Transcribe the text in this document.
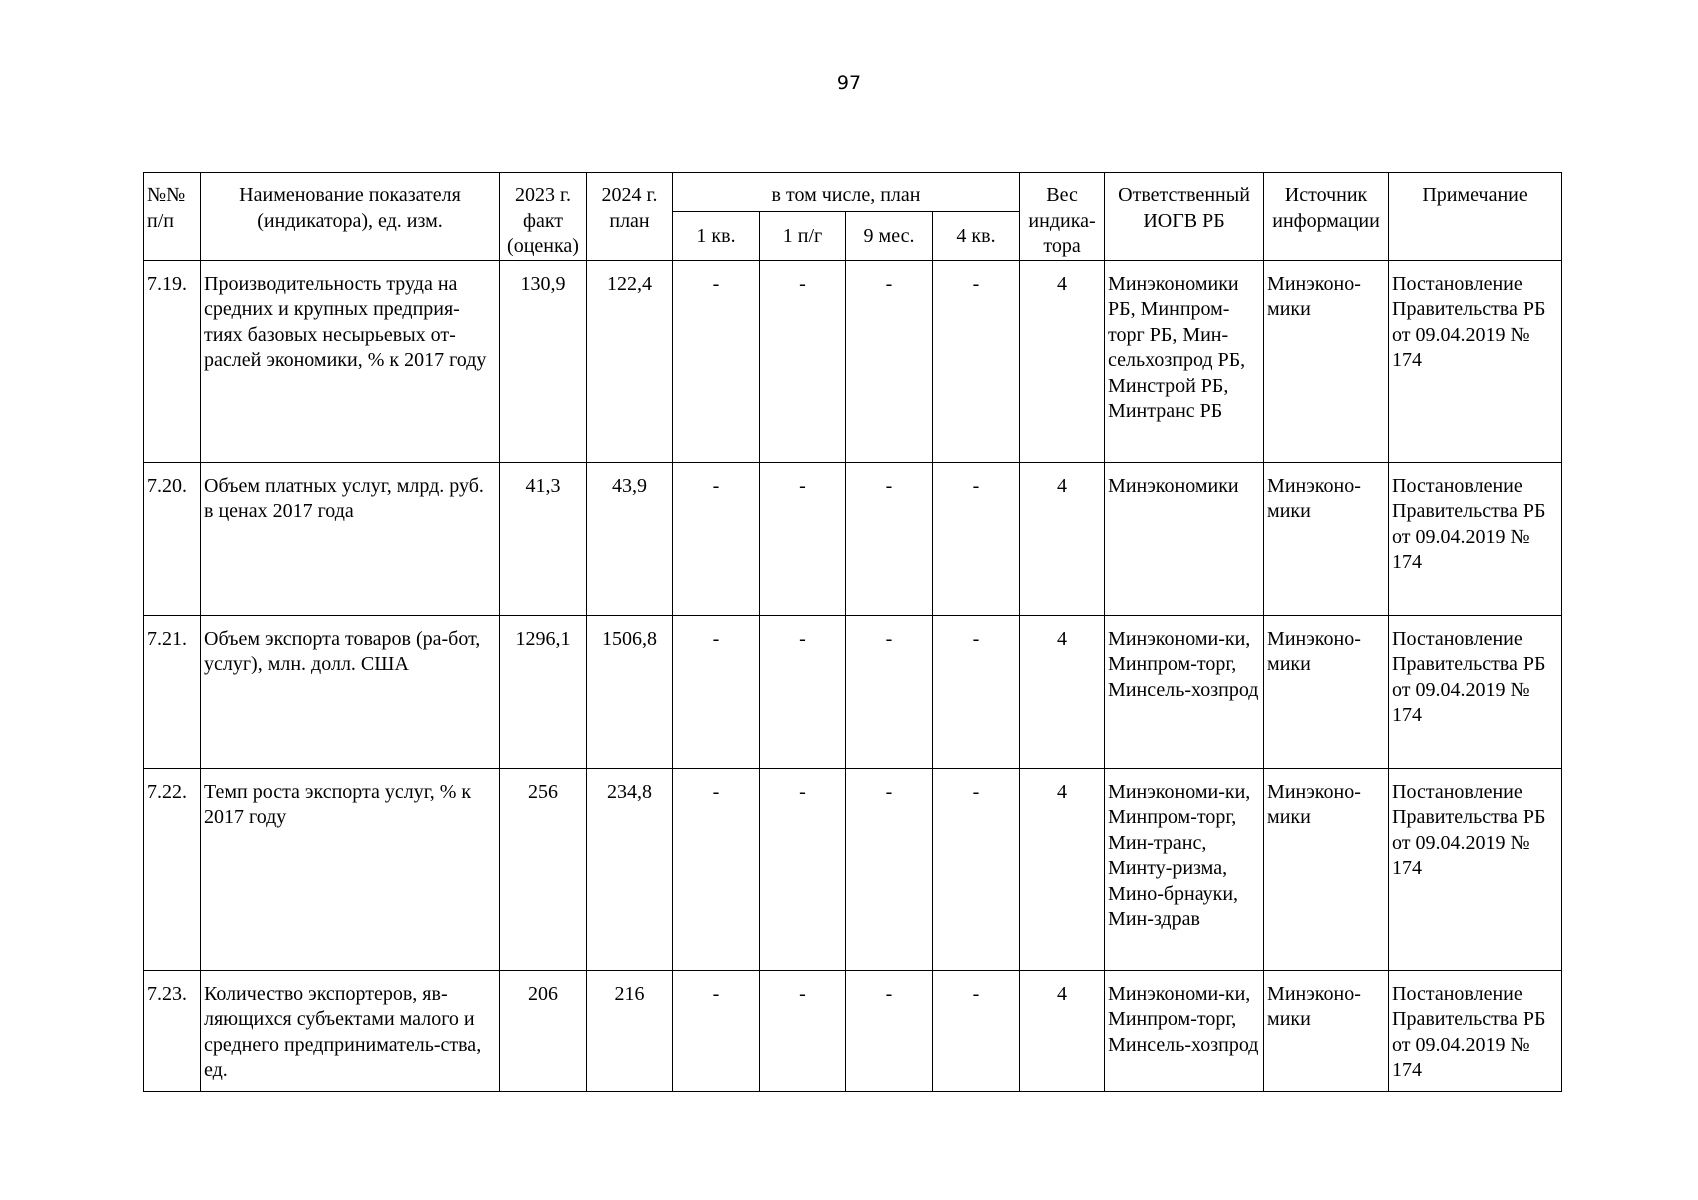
97
№№ п/п	Наименование показателя (индикатора), ед. изм.	2023 г. факт (оценка)	2024 г. план	в том числе, план				Вес индика-тора	Ответственный ИОГВ РБ	Источник информации	Примечание
				1 кв.	1 п/г	9 мес.	4 кв.				
7.19.	Производительность труда на средних и крупных предприя-тиях базовых несырьевых от-раслей экономики, % к 2017 году	130,9	122,4	-	-	-	-	4	Минэкономики РБ, Минпром-торг РБ, Мин-сельхозпрод РБ, Минстрой РБ, Минтранс РБ	Минэконо-мики	Постановление Правительства РБ от 09.04.2019 № 174
7.20.	Объем платных услуг, млрд. руб. в ценах 2017 года	41,3	43,9	-	-	-	-	4	Минэкономики	Минэконо-мики	Постановление Правительства РБ от 09.04.2019 № 174
7.21.	Объем экспорта товаров (ра-бот, услуг), млн. долл. США	1296,1	1506,8	-	-	-	-	4	Минэкономи-ки, Минпром-торг, Минсель-хозпрод	Минэконо-мики	Постановление Правительства РБ от 09.04.2019 № 174
7.22.	Темп роста экспорта услуг, % к 2017 году	256	234,8	-	-	-	-	4	Минэкономи-ки, Минпром-торг, Мин-транс, Минту-ризма, Мино-брнауки, Мин-здрав	Минэконо-мики	Постановление Правительства РБ от 09.04.2019 № 174
7.23.	Количество экспортеров, яв-ляющихся субъектами малого и среднего предприниматель-ства, ед.	206	216	-	-	-	-	4	Минэкономи-ки, Минпром-торг, Минсель-хозпрод	Минэконо-мики	Постановление Правительства РБ от 09.04.2019 № 174
